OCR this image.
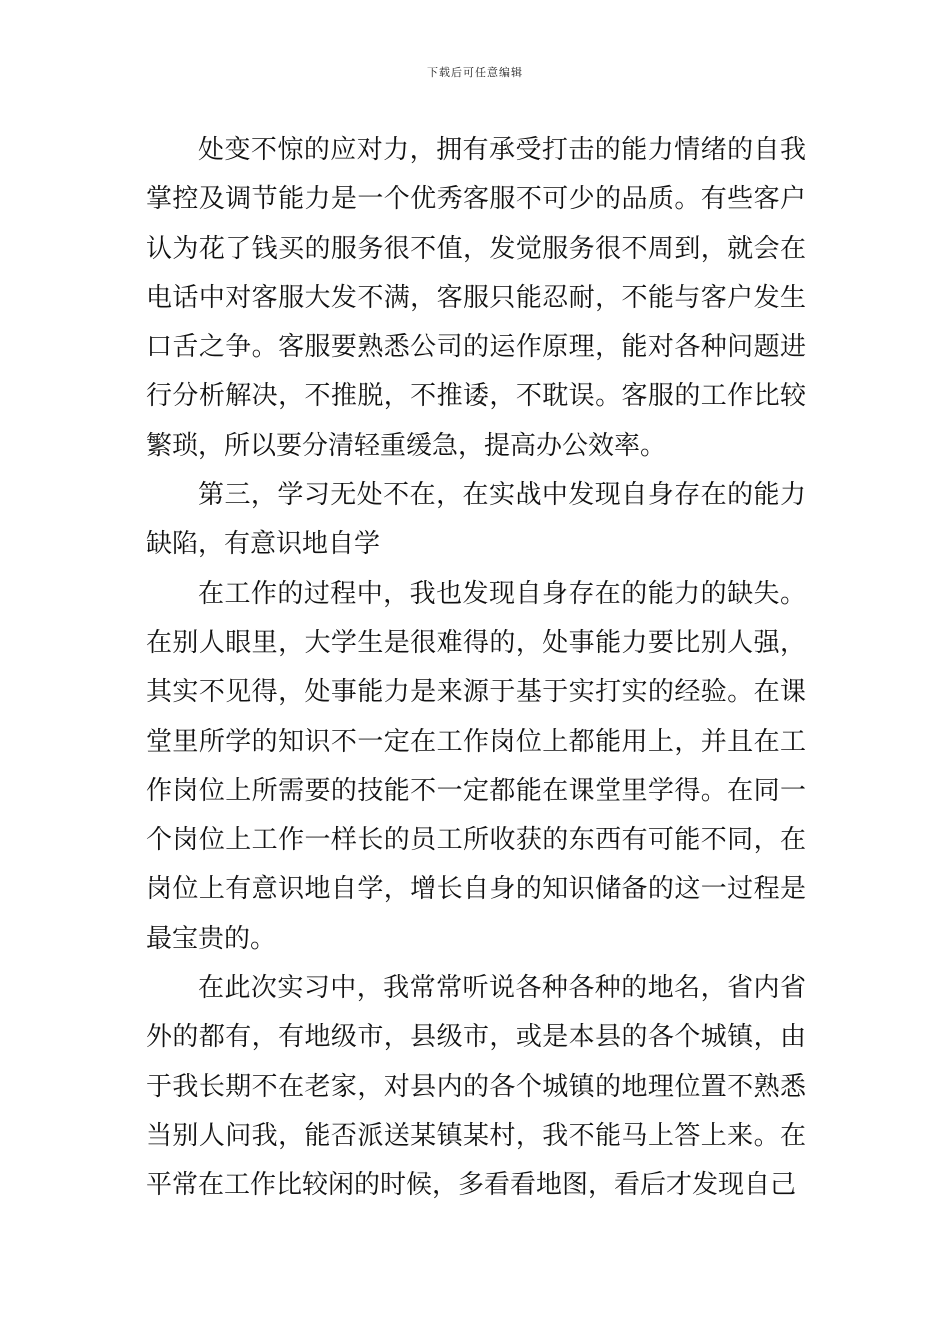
下载后可任意编辑

处变不惊的应对力，拥有承受打击的能力情绪的自我掌控及调节能力是一个优秀客服不可少的品质。有些客户认为花了钱买的服务很不值，发觉服务很不周到，就会在电话中对客服大发不满，客服只能忍耐，不能与客户发生口舌之争。客服要熟悉公司的运作原理，能对各种问题进行分析解决，不推脱，不推诿，不耽误。客服的工作比较繁琐，所以要分清轻重缓急，提高办公效率。

第三，学习无处不在，在实战中发现自身存在的能力缺陷，有意识地自学

在工作的过程中，我也发现自身存在的能力的缺失。在别人眼里，大学生是很难得的，处事能力要比别人强，其实不见得，处事能力是来源于基于实打实的经验。在课堂里所学的知识不一定在工作岗位上都能用上，并且在工作岗位上所需要的技能不一定都能在课堂里学得。在同一个岗位上工作一样长的员工所收获的东西有可能不同，在岗位上有意识地自学，增长自身的知识储备的这一过程是最宝贵的。

在此次实习中，我常常听说各种各种的地名，省内省外的都有，有地级市，县级市，或是本县的各个城镇，由于我长期不在老家，对县内的各个城镇的地理位置不熟悉当别人问我，能否派送某镇某村，我不能马上答上来。在平常在工作比较闲的时候，多看看地图，看后才发现自己
